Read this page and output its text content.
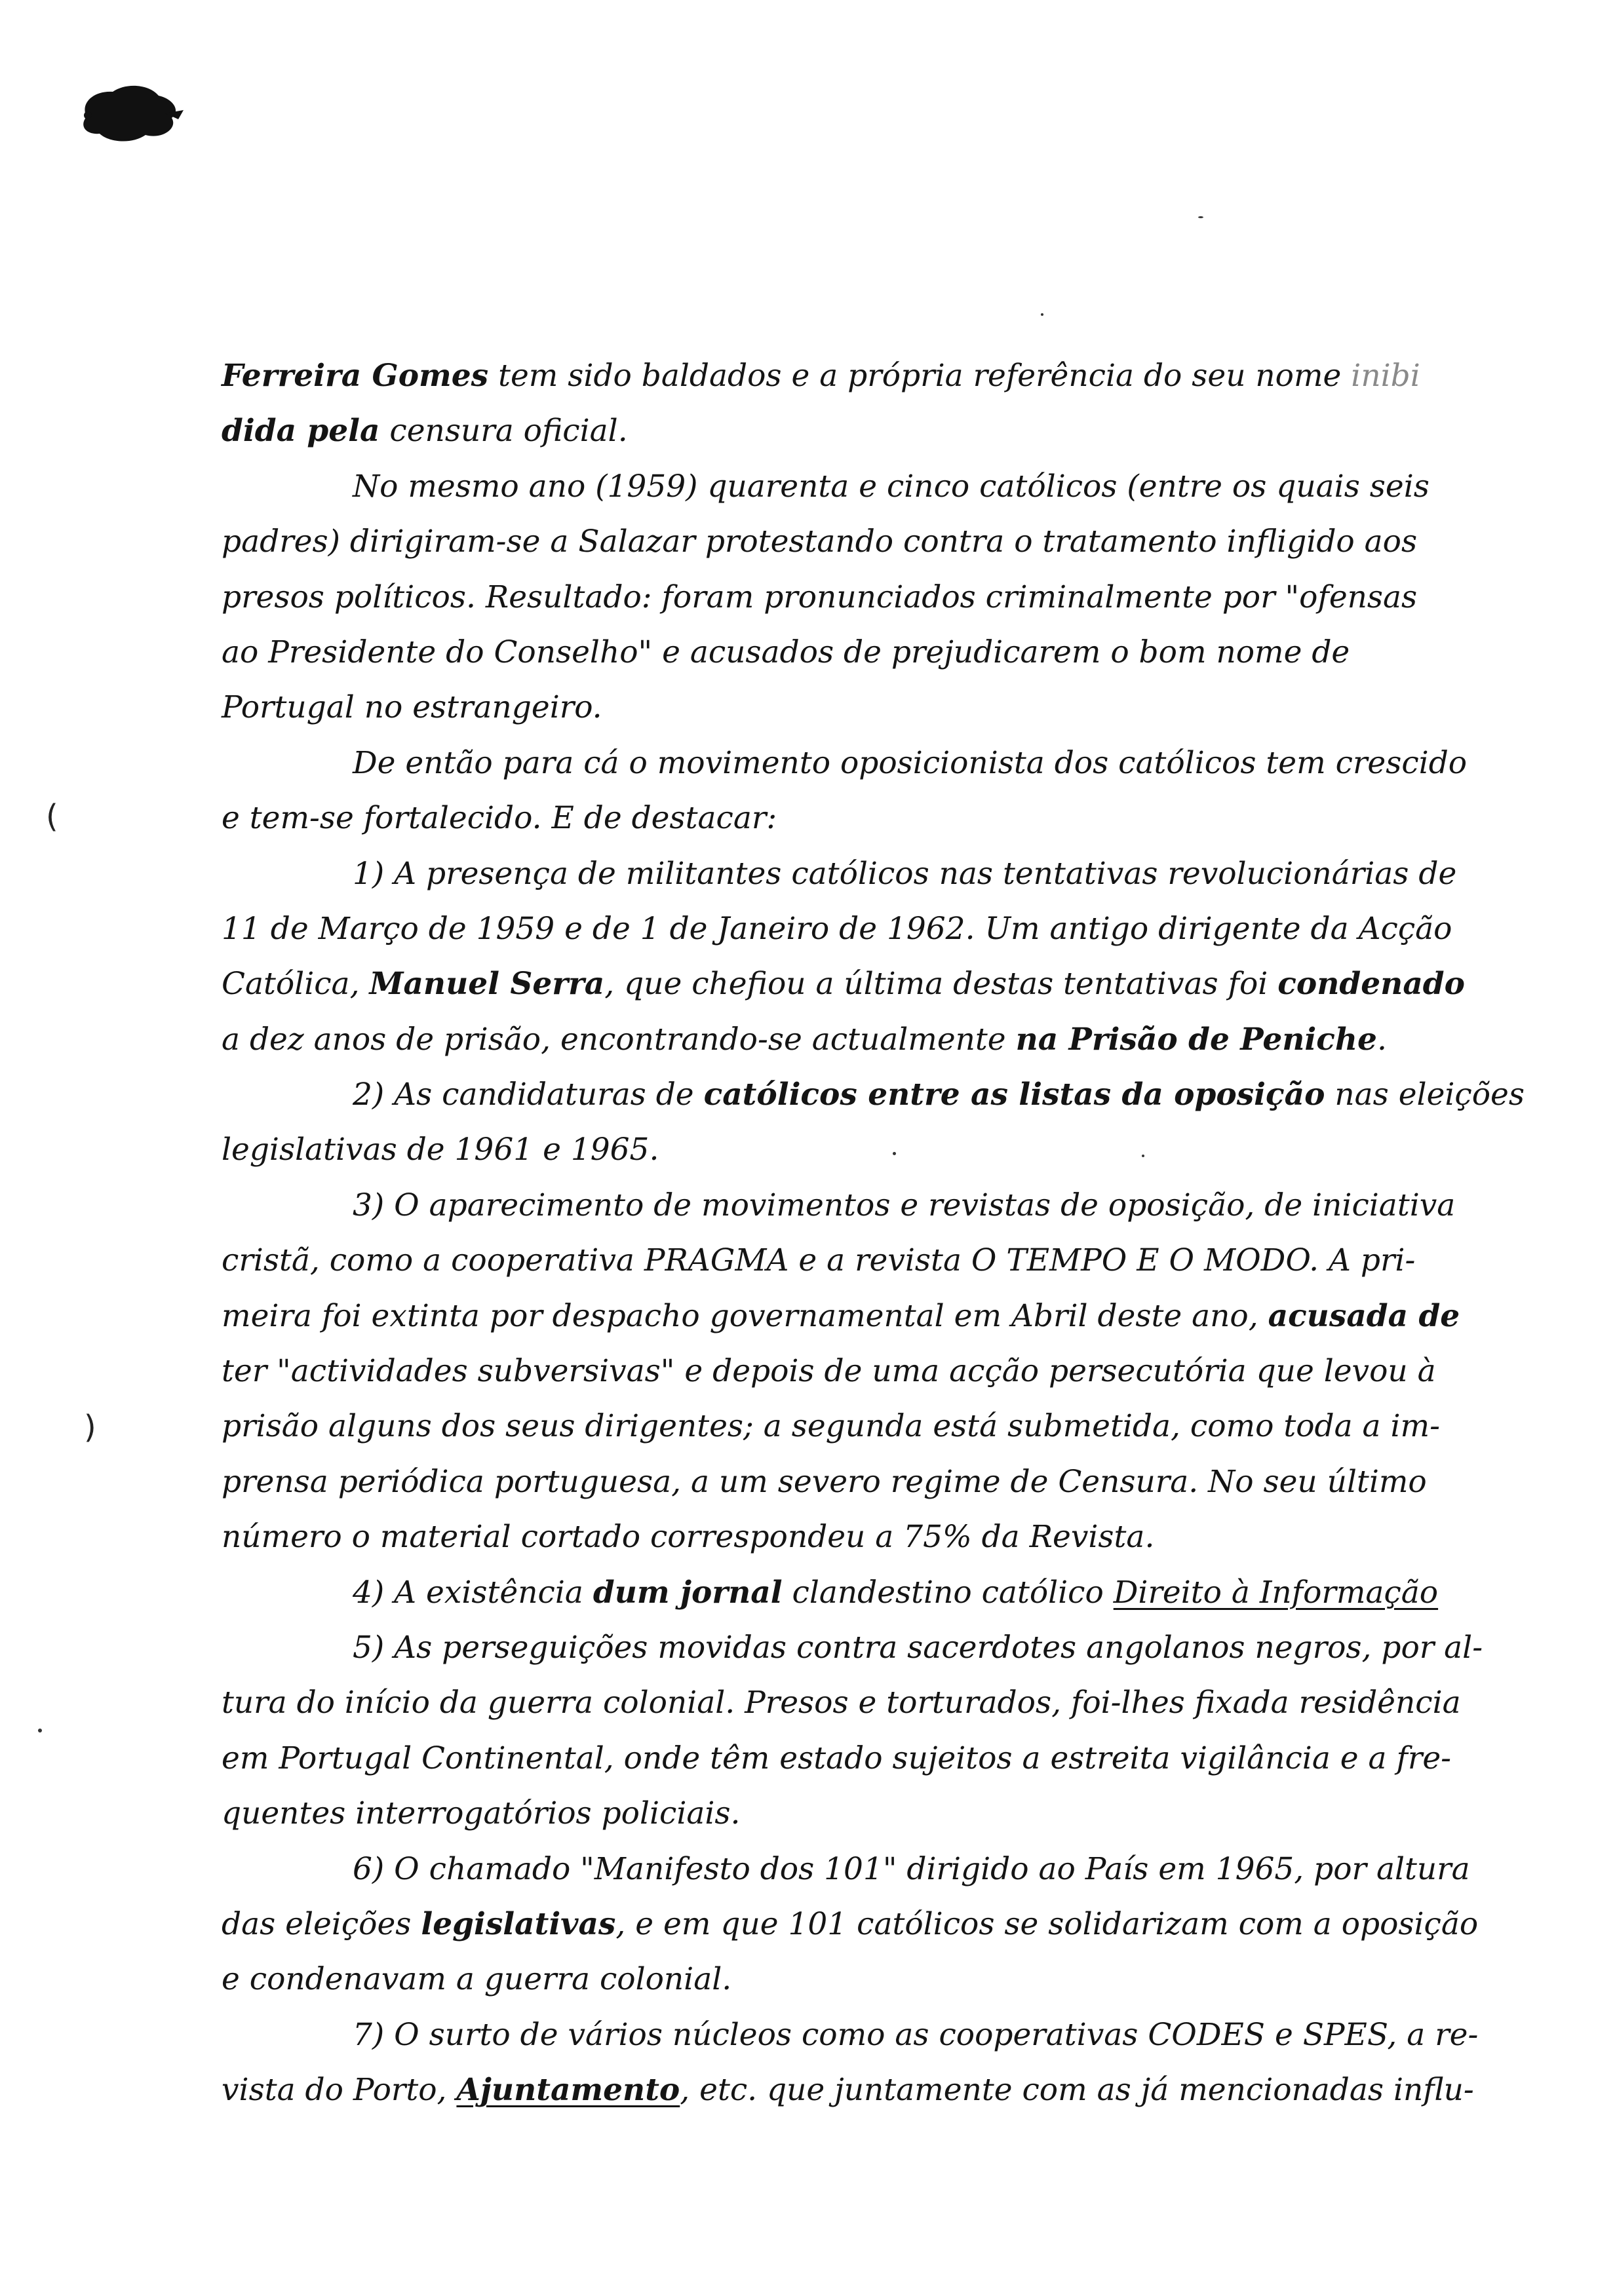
(
)
Ferreira Gomes tem sido baldados e a própria referência do seu nome inibi
dida pela censura oficial.
No mesmo ano (1959) quarenta e cinco católicos (entre os quais seis
padres) dirigiram-se a Salazar protestando contra o tratamento infligido aos
presos políticos. Resultado: foram pronunciados criminalmente por "ofensas
ao Presidente do Conselho" e acusados de prejudicarem o bom nome de
Portugal no estrangeiro.
De então para cá o movimento oposicionista dos católicos tem crescido
e tem-se fortalecido. E de destacar:
1) A presença de militantes católicos nas tentativas revolucionárias de
11 de Março de 1959 e de 1 de Janeiro de 1962. Um antigo dirigente da Acção
Católica, Manuel Serra, que chefiou a última destas tentativas foi condenado
a dez anos de prisão, encontrando-se actualmente na Prisão de Peniche.
2) As candidaturas de católicos entre as listas da oposição nas eleições
legislativas de 1961 e 1965.
3) O aparecimento de movimentos e revistas de oposição, de iniciativa
cristã, como a cooperativa PRAGMA e a revista O TEMPO E O MODO. A pri-
meira foi extinta por despacho governamental em Abril deste ano, acusada de
ter "actividades subversivas" e depois de uma acção persecutória que levou à
prisão alguns dos seus dirigentes; a segunda está submetida, como toda a im-
prensa periódica portuguesa, a um severo regime de Censura. No seu último
número o material cortado correspondeu a 75% da Revista.
4) A existência dum jornal clandestino católico Direito à Informação
5) As perseguições movidas contra sacerdotes angolanos negros, por al-
tura do início da guerra colonial. Presos e torturados, foi-lhes fixada residência
em Portugal Continental, onde têm estado sujeitos a estreita vigilância e a fre-
quentes interrogatórios policiais.
6) O chamado "Manifesto dos 101" dirigido ao País em 1965, por altura
das eleições legislativas, e em que 101 católicos se solidarizam com a oposição
e condenavam a guerra colonial.
7) O surto de vários núcleos como as cooperativas CODES e SPES, a re-
vista do Porto, Ajuntamento, etc. que juntamente com as já mencionadas influ-
